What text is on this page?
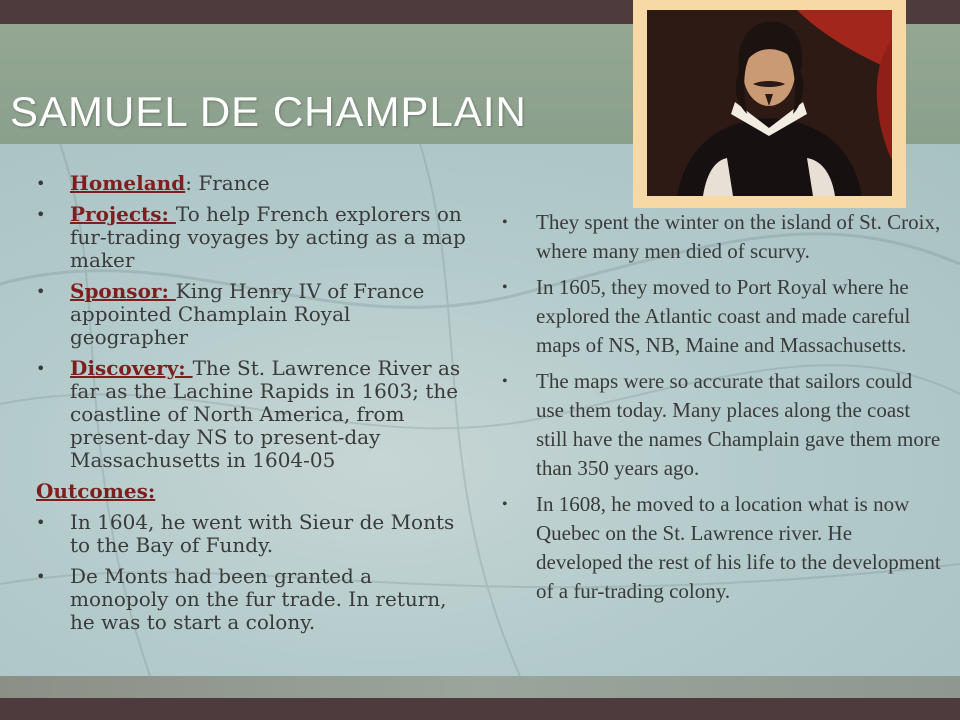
SAMUEL DE CHAMPLAIN
•	Homeland: France
•	Projects: To help French explorers on fur-trading voyages by acting as a map maker
•	Sponsor: King Henry IV of France appointed Champlain Royal geographer
•	Discovery: The St. Lawrence River as far as the Lachine Rapids in 1603; the coastline of North America, from present-day NS to present-day Massachusetts in 1604-05
Outcomes:
•	In 1604, he went with Sieur de Monts to the Bay of Fundy.
•	De Monts had been granted a monopoly on the fur trade. In return, he was to start a colony.
•	They spent the winter on the island of St. Croix, where many men died of scurvy.
•	In 1605, they moved to Port Royal where he explored the Atlantic coast and made careful maps of NS, NB, Maine and Massachusetts.
•	The maps were so accurate that sailors could use them today. Many places along the coast still have the names Champlain gave them more than 350 years ago.
•	In 1608, he moved to a location what is now Quebec on the St. Lawrence river. He developed the rest of his life to the development of a fur-trading colony.
